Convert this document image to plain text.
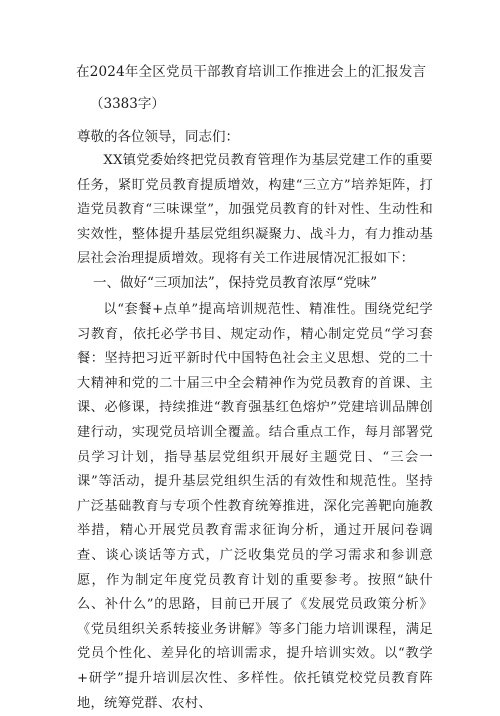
在2024年全区党员干部教育培训工作推进会上的汇报发言
（3383字）
尊敬的各位领导，同志们：
XX镇党委始终把党员教育管理作为基层党建工作的重要任务，紧盯党员教育提质增效，构建“三立方”培养矩阵，打造党员教育“三味课堂”，加强党员教育的针对性、生动性和实效性，整体提升基层党组织凝聚力、战斗力，有力推动基层社会治理提质增效。现将有关工作进展情况汇报如下：
一、做好“三项加法”，保持党员教育浓厚“党味”
以“套餐+点单”提高培训规范性、精准性。围绕党纪学习教育，依托必学书目、规定动作，精心制定党员“学习套餐：坚持把习近平新时代中国特色社会主义思想、党的二十大精神和党的二十届三中全会精神作为党员教育的首课、主课、必修课，持续推进“教育强基红色熔炉”党建培训品牌创建行动，实现党员培训全覆盖。结合重点工作，每月部署党员学习计划，指导基层党组织开展好主题党日、“三会一课”等活动，提升基层党组织生活的有效性和规范性。坚持广泛基础教育与专项个性教育统筹推进，深化完善靶向施教举措，精心开展党员教育需求征询分析，通过开展问卷调查、谈心谈话等方式，广泛收集党员的学习需求和参训意愿，作为制定年度党员教育计划的重要参考。按照“缺什么、补什么”的思路，目前已开展了《发展党员政策分析》《党员组织关系转接业务讲解》等多门能力培训课程，满足党员个性化、差异化的培训需求，提升培训实效。以“教学+研学”提升培训层次性、多样性。依托镇党校党员教育阵地，统筹党群、农村、
